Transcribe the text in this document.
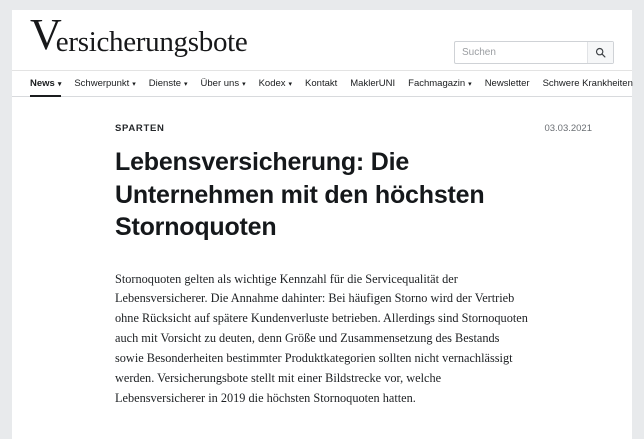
V
ersicherungsbote
Suchen
News ▾ Schwerpunkt ▾ Dienste ▾ Über uns ▾ Kodex ▾ Kontakt MaklerUNI Fachmagazin ▾ Newsletter Schwere Krankheiten
SPARTEN	03.03.2021
Lebensversicherung: Die Unternehmen mit den höchsten Stornoquoten

Stornoquoten gelten als wichtige Kennzahl für die Servicequalität der Lebensversicherer. Die Annahme dahinter: Bei häufigen Storno wird der Vertrieb ohne Rücksicht auf spätere Kundenverluste betrieben. Allerdings sind Stornoquoten auch mit Vorsicht zu deuten, denn Größe und Zusammensetzung des Bestands sowie Besonderheiten bestimmter Produktkategorien sollten nicht vernachlässigt werden. Versicherungsbote stellt mit einer Bildstrecke vor, welche Lebensversicherer in 2019 die höchsten Stornoquoten hatten.
